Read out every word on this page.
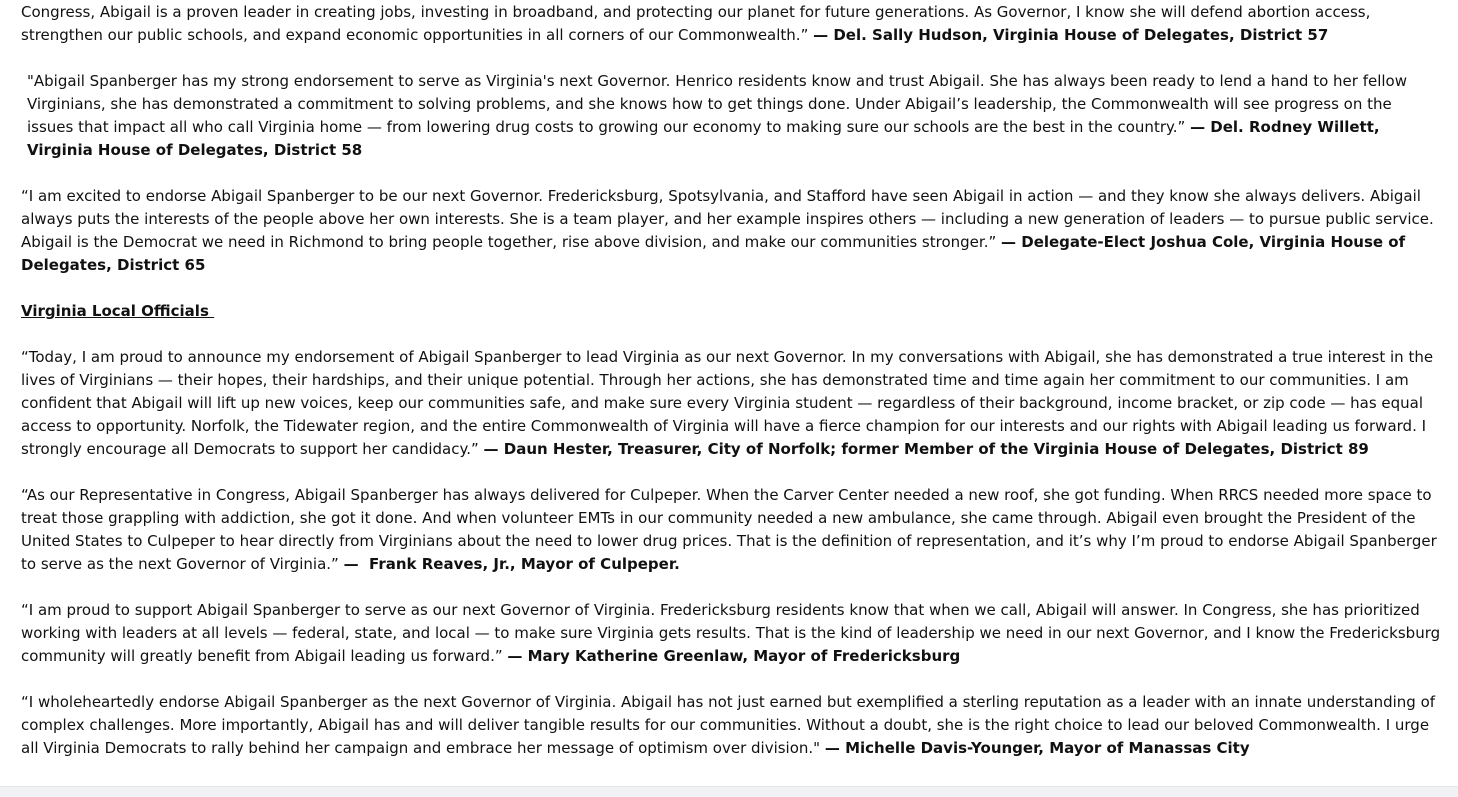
Congress, Abigail is a proven leader in creating jobs, investing in broadband, and protecting our planet for future generations. As Governor, I know she will defend abortion access, strengthen our public schools, and expand economic opportunities in all corners of our Commonwealth.” — Del. Sally Hudson, Virginia House of Delegates, District 57

"Abigail Spanberger has my strong endorsement to serve as Virginia's next Governor. Henrico residents know and trust Abigail. She has always been ready to lend a hand to her fellow Virginians, she has demonstrated a commitment to solving problems, and she knows how to get things done. Under Abigail’s leadership, the Commonwealth will see progress on the issues that impact all who call Virginia home — from lowering drug costs to growing our economy to making sure our schools are the best in the country.” — Del. Rodney Willett, Virginia House of Delegates, District 58

“I am excited to endorse Abigail Spanberger to be our next Governor. Fredericksburg, Spotsylvania, and Stafford have seen Abigail in action — and they know she always delivers. Abigail always puts the interests of the people above her own interests. She is a team player, and her example inspires others — including a new generation of leaders — to pursue public service. Abigail is the Democrat we need in Richmond to bring people together, rise above division, and make our communities stronger.” — Delegate-Elect Joshua Cole, Virginia House of Delegates, District 65

Virginia Local Officials

“Today, I am proud to announce my endorsement of Abigail Spanberger to lead Virginia as our next Governor. In my conversations with Abigail, she has demonstrated a true interest in the lives of Virginians — their hopes, their hardships, and their unique potential. Through her actions, she has demonstrated time and time again her commitment to our communities. I am confident that Abigail will lift up new voices, keep our communities safe, and make sure every Virginia student — regardless of their background, income bracket, or zip code — has equal access to opportunity. Norfolk, the Tidewater region, and the entire Commonwealth of Virginia will have a fierce champion for our interests and our rights with Abigail leading us forward. I strongly encourage all Democrats to support her candidacy.” — Daun Hester, Treasurer, City of Norfolk; former Member of the Virginia House of Delegates, District 89

“As our Representative in Congress, Abigail Spanberger has always delivered for Culpeper. When the Carver Center needed a new roof, she got funding. When RRCS needed more space to treat those grappling with addiction, she got it done. And when volunteer EMTs in our community needed a new ambulance, she came through. Abigail even brought the President of the United States to Culpeper to hear directly from Virginians about the need to lower drug prices. That is the definition of representation, and it’s why I’m proud to endorse Abigail Spanberger to serve as the next Governor of Virginia.” —  Frank Reaves, Jr., Mayor of Culpeper.

“I am proud to support Abigail Spanberger to serve as our next Governor of Virginia. Fredericksburg residents know that when we call, Abigail will answer. In Congress, she has prioritized working with leaders at all levels — federal, state, and local — to make sure Virginia gets results. That is the kind of leadership we need in our next Governor, and I know the Fredericksburg community will greatly benefit from Abigail leading us forward.” — Mary Katherine Greenlaw, Mayor of Fredericksburg

“I wholeheartedly endorse Abigail Spanberger as the next Governor of Virginia. Abigail has not just earned but exemplified a sterling reputation as a leader with an innate understanding of complex challenges. More importantly, Abigail has and will deliver tangible results for our communities. Without a doubt, she is the right choice to lead our beloved Commonwealth. I urge all Virginia Democrats to rally behind her campaign and embrace her message of optimism over division." — Michelle Davis-Younger, Mayor of Manassas City
